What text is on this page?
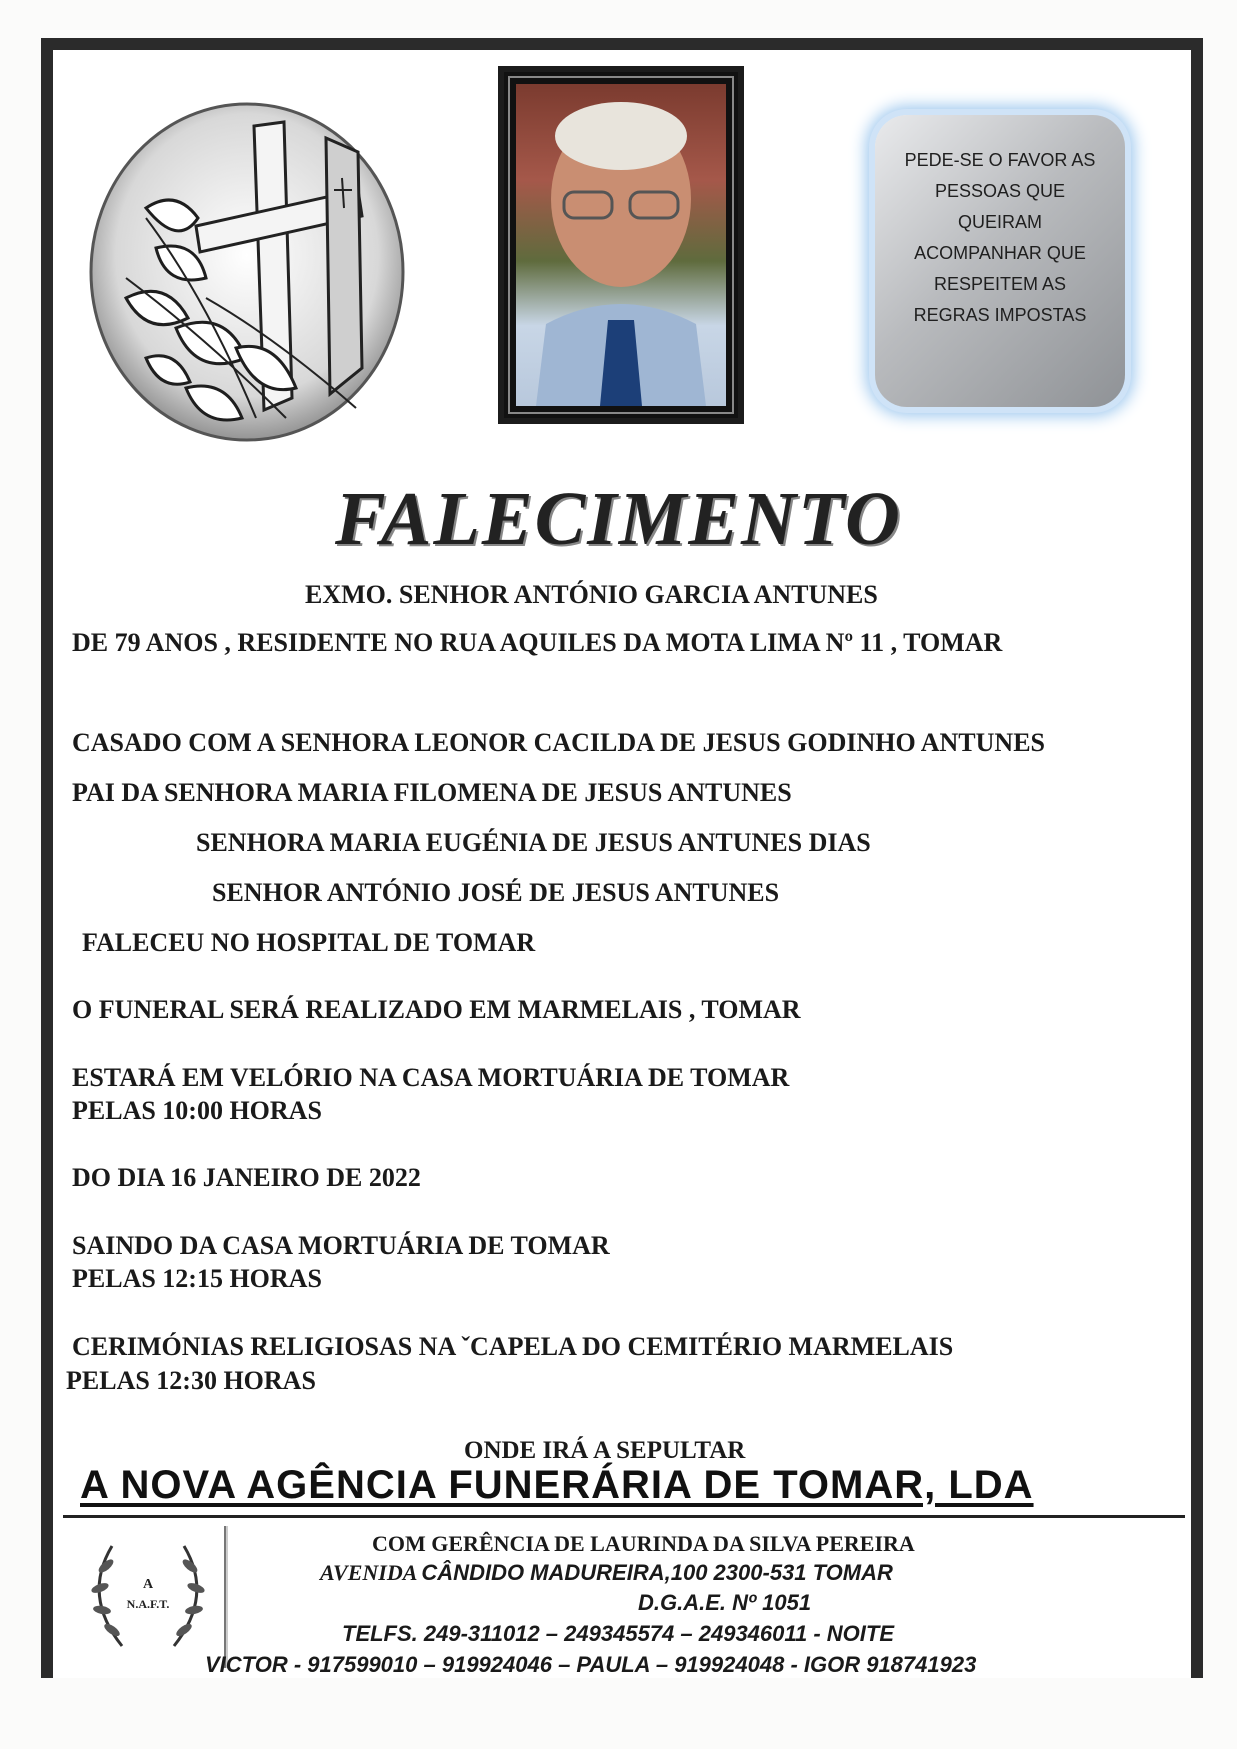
PEDE-SE O FAVOR AS PESSOAS QUE QUEIRAM ACOMPANHAR QUE RESPEITEM AS REGRAS IMPOSTAS
FALECIMENTO
EXMO. SENHOR ANTÓNIO GARCIA ANTUNES
DE 79 ANOS , RESIDENTE NO RUA AQUILES DA MOTA LIMA Nº 11 , TOMAR
CASADO COM A SENHORA LEONOR CACILDA DE JESUS GODINHO ANTUNES
PAI DA SENHORA MARIA FILOMENA DE JESUS ANTUNES
SENHORA MARIA EUGÉNIA DE JESUS ANTUNES DIAS
SENHOR ANTÓNIO JOSÉ DE JESUS ANTUNES
FALECEU NO HOSPITAL DE TOMAR
O FUNERAL SERÁ REALIZADO EM MARMELAIS , TOMAR
ESTARÁ EM VELÓRIO NA CASA MORTUÁRIA DE TOMAR
PELAS 10:00 HORAS
DO DIA 16 JANEIRO DE 2022
SAINDO DA CASA MORTUÁRIA DE TOMAR
PELAS 12:15 HORAS
CERIMÓNIAS RELIGIOSAS NA ˇCAPELA DO CEMITÉRIO MARMELAIS
PELAS 12:30 HORAS
ONDE IRÁ A SEPULTAR
A NOVA AGÊNCIA FUNERÁRIA DE TOMAR, LDA
A
N.A.F.T.
COM GERÊNCIA DE LAURINDA DA SILVA PEREIRA
AVENIDA CÂNDIDO MADUREIRA,100 2300-531 TOMAR
D.G.A.E. Nº 1051
TELFS. 249-311012 – 249345574 – 249346011 - NOITE
VICTOR - 917599010 – 919924046 – PAULA – 919924048 - IGOR 918741923
